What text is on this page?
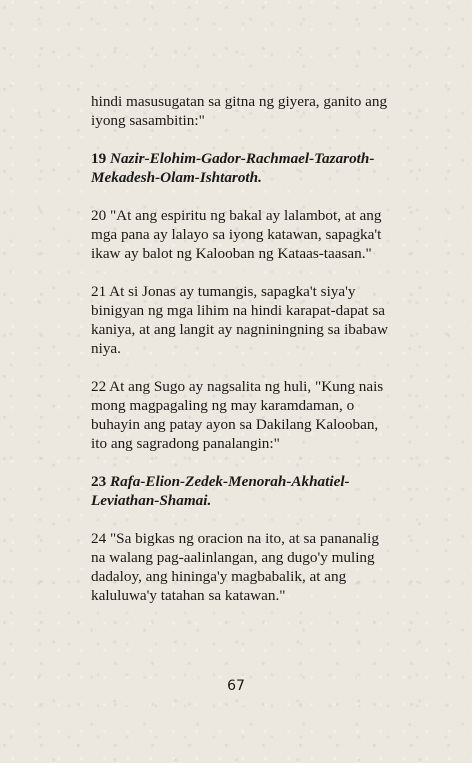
hindi masusugatan sa gitna ng giyera, ganito ang iyong sasambitin:"

19 Nazir-Elohim-Gador-Rachmael-Tazaroth-Mekadesh-Olam-Ishtaroth.

20 "At ang espiritu ng bakal ay lalambot, at ang mga pana ay lalayo sa iyong katawan, sapagka't ikaw ay balot ng Kalooban ng Kataas-taasan."

21 At si Jonas ay tumangis, sapagka't siya'y binigyan ng mga lihim na hindi karapat-dapat sa kaniya, at ang langit ay nagniningning sa ibabaw niya.

22 At ang Sugo ay nagsalita ng huli, "Kung nais mong magpagaling ng may karamdaman, o buhayin ang patay ayon sa Dakilang Kalooban, ito ang sagradong panalangin:"

23 Rafa-Elion-Zedek-Menorah-Akhatiel-Leviathan-Shamai.

24 "Sa bigkas ng oracion na ito, at sa pananalig na walang pag-aalinlangan, ang dugo'y muling dadaloy, ang hininga'y magbabalik, at ang kaluluwa'y tatahan sa katawan."

67
